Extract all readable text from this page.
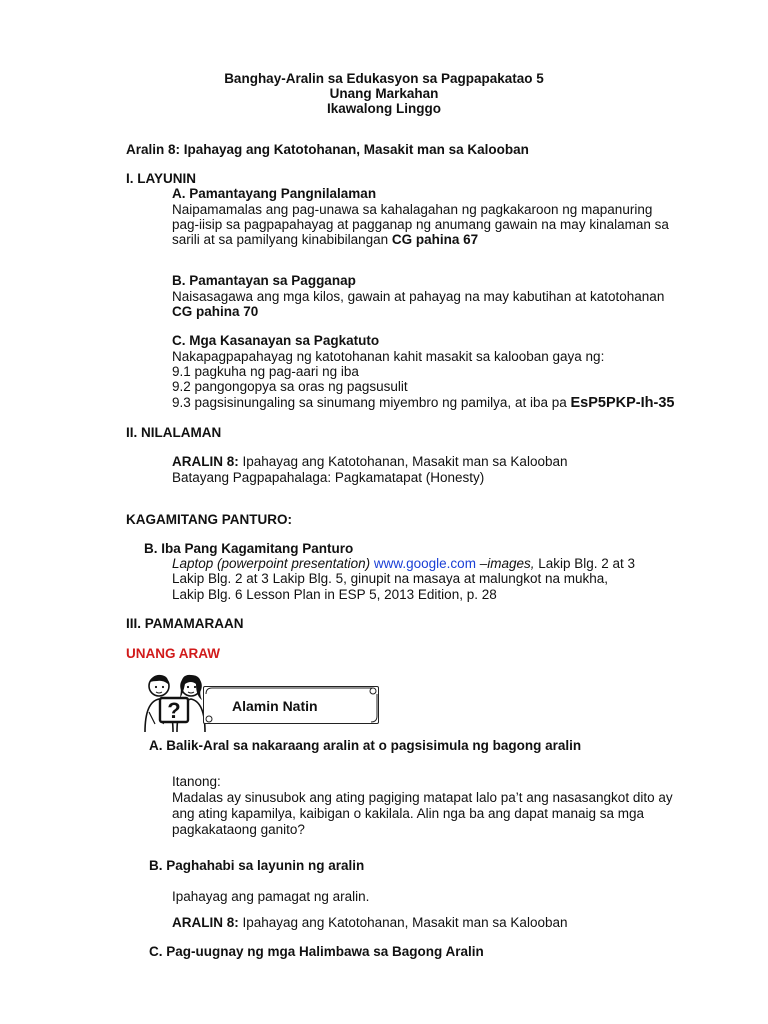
Banghay-Aralin sa Edukasyon sa Pagpapakatao 5
Unang Markahan
Ikawalong Linggo
Aralin 8: Ipahayag ang Katotohanan, Masakit man sa Kalooban
I. LAYUNIN
A. Pamantayang Pangnilalaman
Naipamamalas ang pag-unawa sa kahalagahan ng pagkakaroon ng mapanuring
pag-iisip sa pagpapahayag at pagganap ng anumang gawain na may kinalaman sa
sarili at sa pamilyang kinabibilangan CG pahina 67
B. Pamantayan sa Pagganap
Naisasagawa ang mga kilos, gawain at pahayag na may kabutihan at katotohanan
CG pahina 70
C. Mga Kasanayan sa Pagkatuto
Nakapagpapahayag ng katotohanan kahit masakit sa kalooban gaya ng:
9.1 pagkuha ng pag-aari ng iba
9.2 pangongopya sa oras ng pagsusulit
9.3 pagsisinungaling sa sinumang miyembro ng pamilya, at iba pa EsP5PKP-Ih-35
II. NILALAMAN
ARALIN 8: Ipahayag ang Katotohanan, Masakit man sa Kalooban
Batayang Pagpapahalaga: Pagkamatapat (Honesty)
KAGAMITANG PANTURO:
B. Iba Pang Kagamitang Panturo
Laptop (powerpoint presentation) www.google.com –images, Lakip Blg. 2 at 3
Lakip Blg. 2 at 3 Lakip Blg. 5, ginupit na masaya at malungkot na mukha,
Lakip Blg. 6 Lesson Plan in ESP 5, 2013 Edition, p. 28
III. PAMAMARAAN
UNANG ARAW
?	Alamin Natin
A. Balik-Aral sa nakaraang aralin at o pagsisimula ng bagong aralin
Itanong:
Madalas ay sinusubok ang ating pagiging matapat lalo pa’t ang nasasangkot dito ay
ang ating kapamilya, kaibigan o kakilala. Alin nga ba ang dapat manaig sa mga
pagkakataong ganito?
B. Paghahabi sa layunin ng aralin
Ipahayag ang pamagat ng aralin.
ARALIN 8: Ipahayag ang Katotohanan, Masakit man sa Kalooban
C. Pag-uugnay ng mga Halimbawa sa Bagong Aralin
